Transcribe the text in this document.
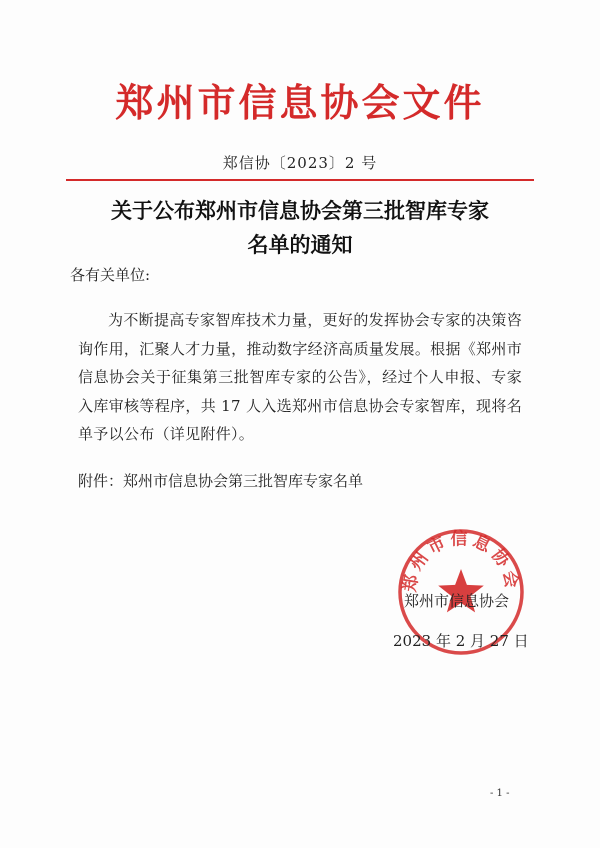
郑州市信息协会文件
郑信协〔2023〕2 号
关于公布郑州市信息协会第三批智库专家
名单的通知
各有关单位:
为不断提高专家智库技术力量，更好的发挥协会专家的决策咨询作用，汇聚人才力量，推动数字经济高质量发展。根据《郑州市信息协会关于征集第三批智库专家的公告》，经过个人申报、专家入库审核等程序，共 17 人入选郑州市信息协会专家智库，现将名单予以公布（详见附件）。
附件：郑州市信息协会第三批智库专家名单
郑州市信息协会
郑州市信息协会
2023 年 2 月 27 日
- 1 -
